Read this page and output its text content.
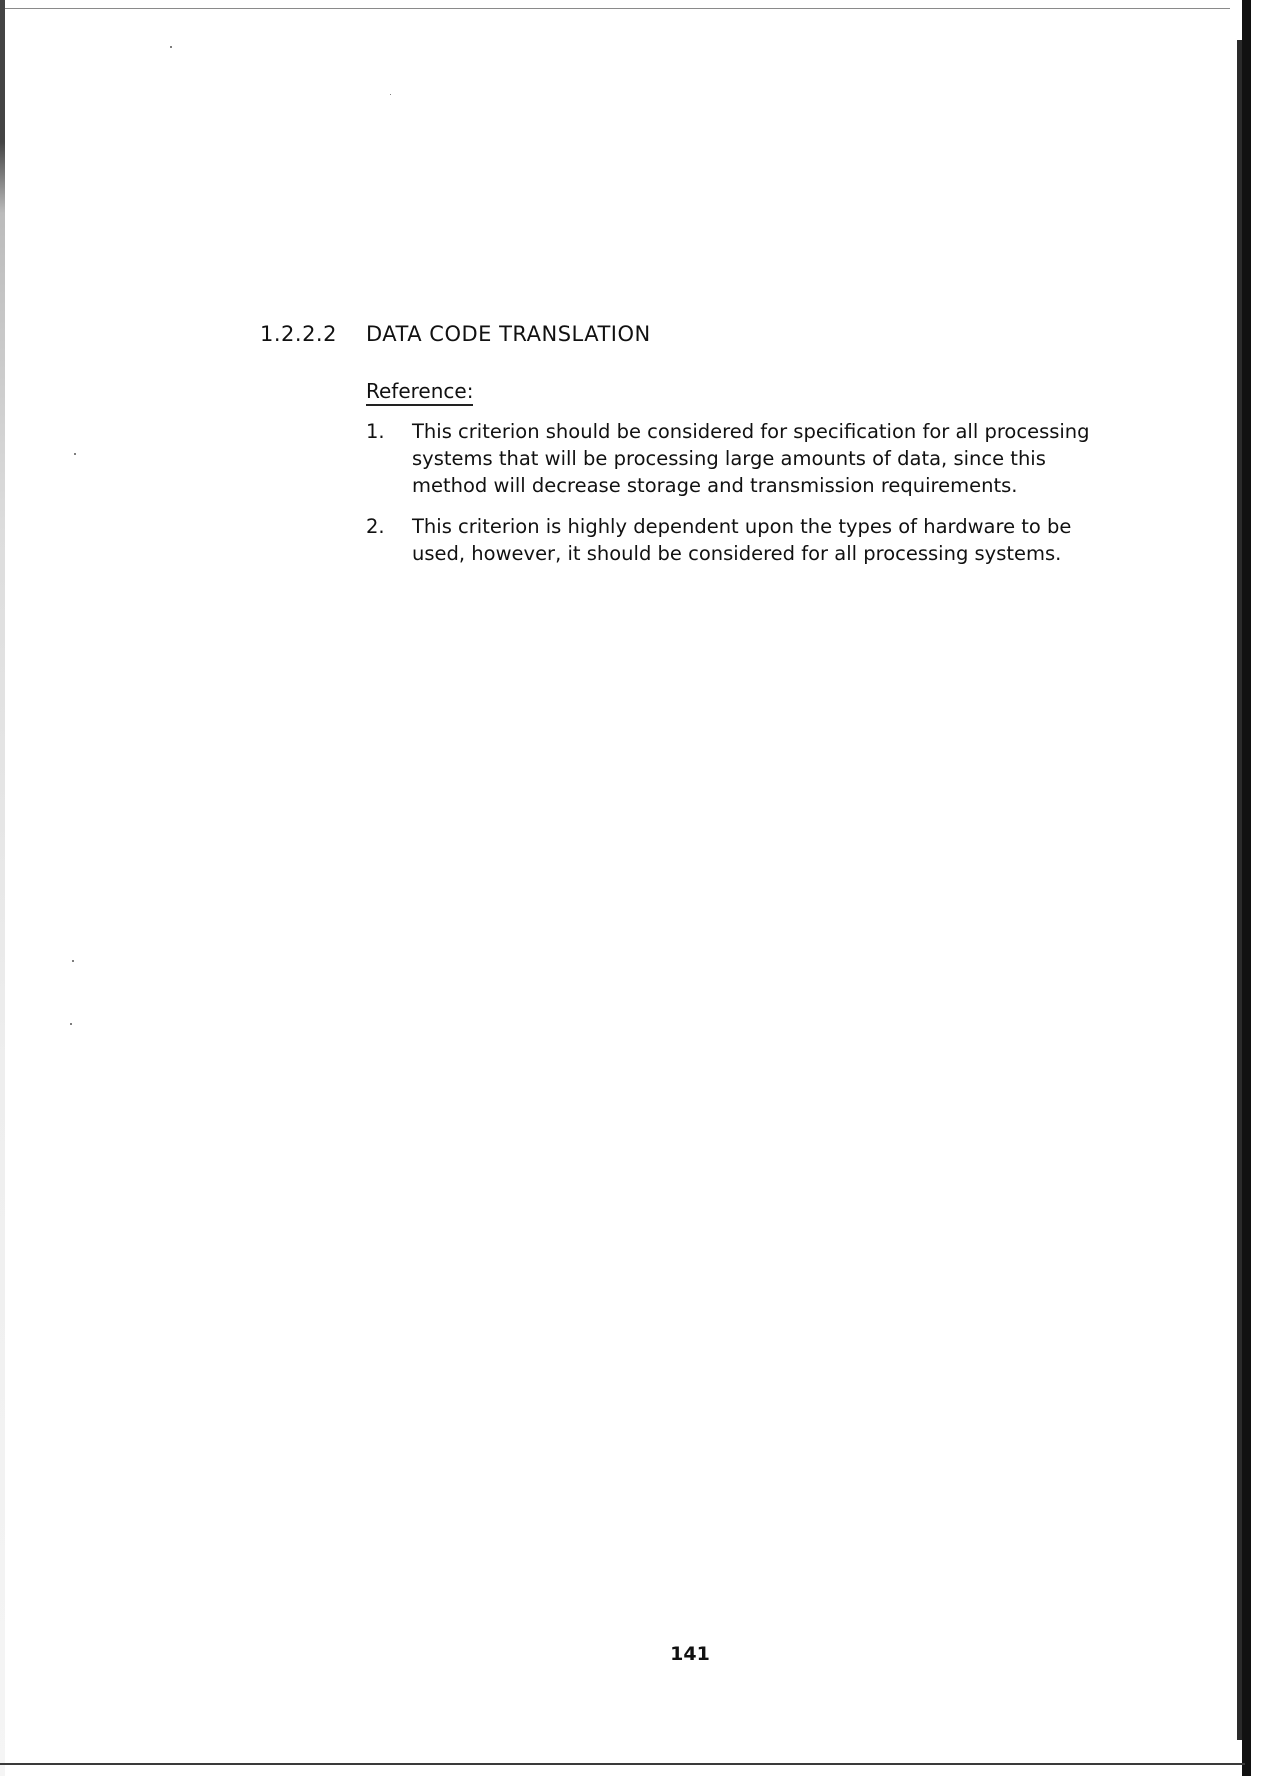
1.2.2.2 DATA CODE TRANSLATION
Reference:
1. This criterion should be considered for specification for all processing systems that will be processing large amounts of data, since this method will decrease storage and transmission requirements.
2. This criterion is highly dependent upon the types of hardware to be used, however, it should be considered for all processing systems.
141
